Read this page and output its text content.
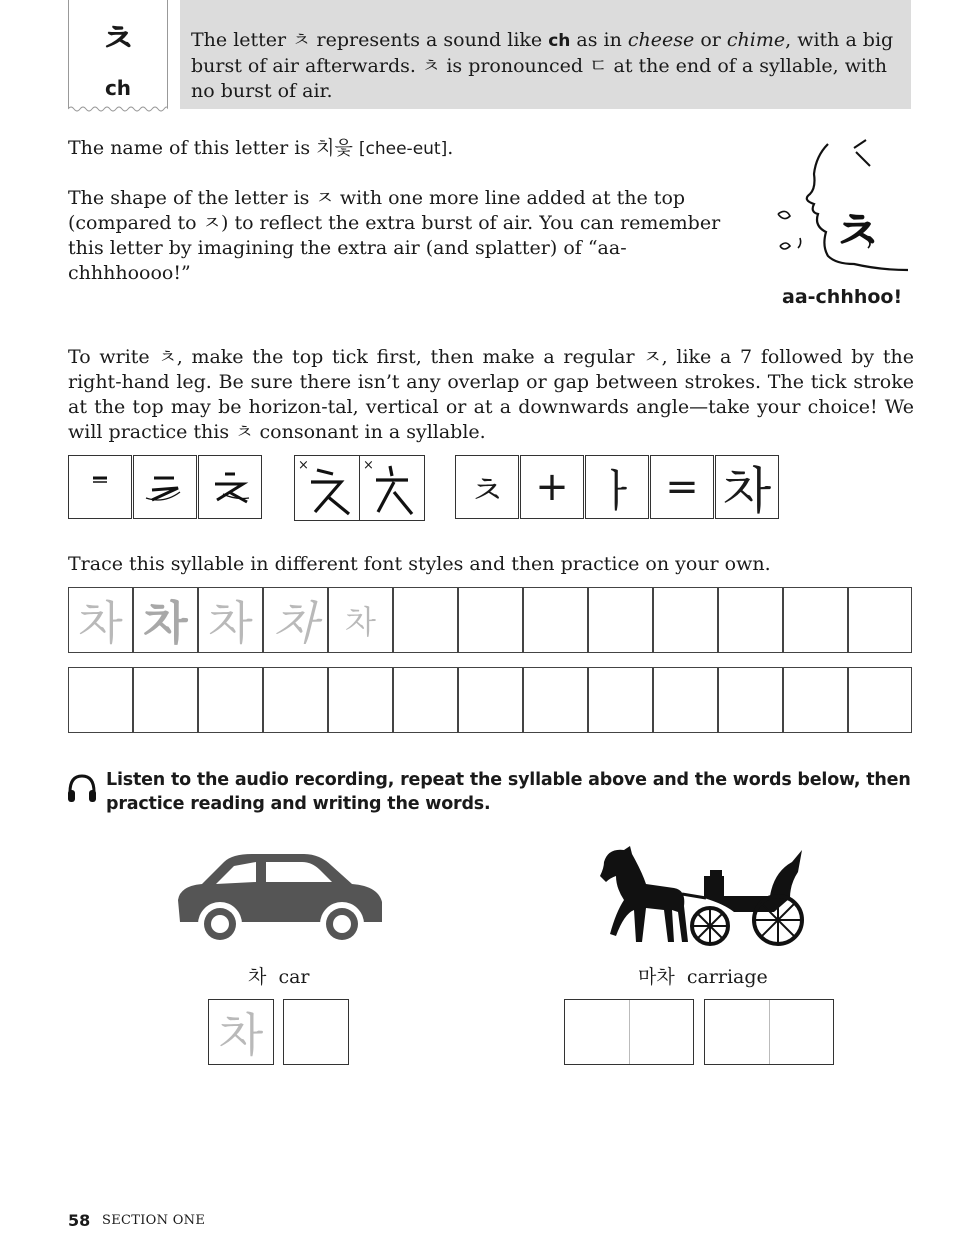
ㅊ
ch
The letter ㅊ represents a sound like ch as in cheese or chime, with a big burst of air afterwards. ㅊ is pronounced ㄷ at the end of a syllable, with no burst of air.

The name of this letter is 치읓 [chee-eut].

The shape of the letter is ㅈ with one more line added at the top (compared to ㅈ) to reflect the extra burst of air. You can remember this letter by imagining the extra air (and splatter) of “aa-chhhhoooo!”

ㅊ
aa-chhhoo!

To write ㅊ, make the top tick first, then make a regular ㅈ, like a 7 followed by the right-hand leg. Be sure there isn’t any overlap or gap between strokes. The tick stroke at the top may be horizon-tal, vertical or at a downwards angle—take your choice! We will practice this ㅊ consonant in a syllable.

×	×
ㅊ + ㅏ = 차

Trace this syllable in different font styles and then practice on your own.

차 차 차 차 차
Listen to the audio recording, repeat the syllable above and the words below, then practice reading and writing the words.
차 car
차
마차 carriage
58 SECTION ONE
